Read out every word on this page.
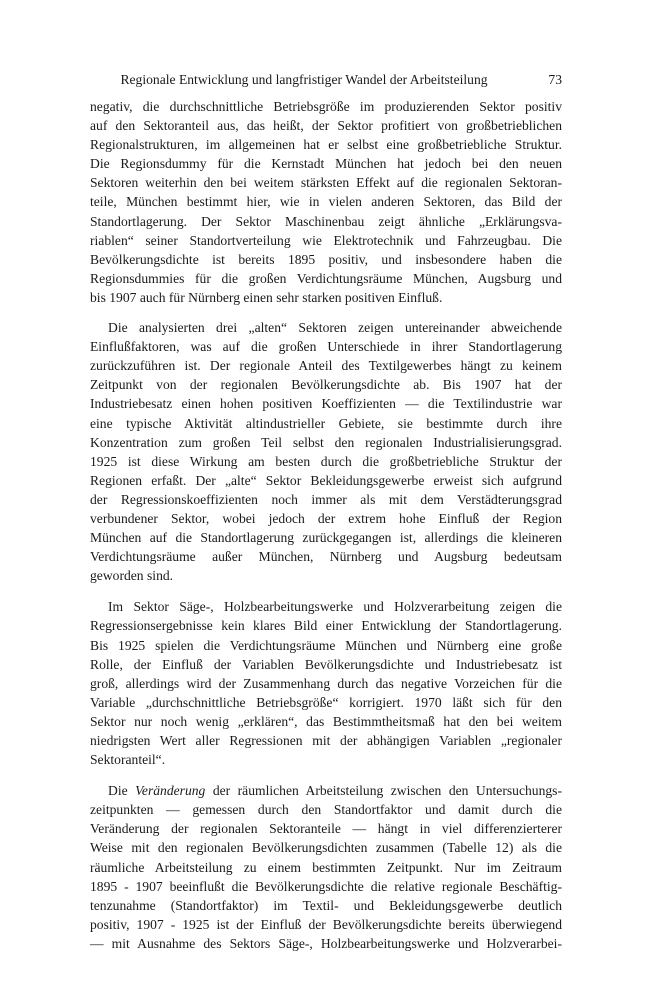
Regionale Entwicklung und langfristiger Wandel der Arbeitsteilung	73
negativ, die durchschnittliche Betriebsgröße im produzierenden Sektor positiv
auf den Sektoranteil aus, das heißt, der Sektor profitiert von großbetrieblichen
Regionalstrukturen, im allgemeinen hat er selbst eine großbetriebliche Struktur.
Die Regionsdummy für die Kernstadt München hat jedoch bei den neuen
Sektoren weiterhin den bei weitem stärksten Effekt auf die regionalen Sektoran-
teile, München bestimmt hier, wie in vielen anderen Sektoren, das Bild der
Standortlagerung. Der Sektor Maschinenbau zeigt ähnliche „Erklärungsva-
riablen“ seiner Standortverteilung wie Elektrotechnik und Fahrzeugbau. Die
Bevölkerungsdichte ist bereits 1895 positiv, und insbesondere haben die
Regionsdummies für die großen Verdichtungsräume München, Augsburg und
bis 1907 auch für Nürnberg einen sehr starken positiven Einfluß.
Die analysierten drei „alten“ Sektoren zeigen untereinander abweichende
Einflußfaktoren, was auf die großen Unterschiede in ihrer Standortlagerung
zurückzuführen ist. Der regionale Anteil des Textilgewerbes hängt zu keinem
Zeitpunkt von der regionalen Bevölkerungsdichte ab. Bis 1907 hat der
Industriebesatz einen hohen positiven Koeffizienten — die Textilindustrie war
eine typische Aktivität altindustrieller Gebiete, sie bestimmte durch ihre
Konzentration zum großen Teil selbst den regionalen Industrialisierungsgrad.
1925 ist diese Wirkung am besten durch die großbetriebliche Struktur der
Regionen erfaßt. Der „alte“ Sektor Bekleidungsgewerbe erweist sich aufgrund
der Regressionskoeffizienten noch immer als mit dem Verstädterungsgrad
verbundener Sektor, wobei jedoch der extrem hohe Einfluß der Region
München auf die Standortlagerung zurückgegangen ist, allerdings die kleineren
Verdichtungsräume außer München, Nürnberg und Augsburg bedeutsam
geworden sind.
Im Sektor Säge-, Holzbearbeitungswerke und Holzverarbeitung zeigen die
Regressionsergebnisse kein klares Bild einer Entwicklung der Standortlagerung.
Bis 1925 spielen die Verdichtungsräume München und Nürnberg eine große
Rolle, der Einfluß der Variablen Bevölkerungsdichte und Industriebesatz ist
groß, allerdings wird der Zusammenhang durch das negative Vorzeichen für die
Variable „durchschnittliche Betriebsgröße“ korrigiert. 1970 läßt sich für den
Sektor nur noch wenig „erklären“, das Bestimmtheitsmaß hat den bei weitem
niedrigsten Wert aller Regressionen mit der abhängigen Variablen „regionaler
Sektoranteil“.
Die Veränderung der räumlichen Arbeitsteilung zwischen den Untersuchungs-
zeitpunkten — gemessen durch den Standortfaktor und damit durch die
Veränderung der regionalen Sektoranteile — hängt in viel differenzierterer
Weise mit den regionalen Bevölkerungsdichten zusammen (Tabelle 12) als die
räumliche Arbeitsteilung zu einem bestimmten Zeitpunkt. Nur im Zeitraum
1895 - 1907 beeinflußt die Bevölkerungsdichte die relative regionale Beschäftig-
tenzunahme (Standortfaktor) im Textil- und Bekleidungsgewerbe deutlich
positiv, 1907 - 1925 ist der Einfluß der Bevölkerungsdichte bereits überwiegend
— mit Ausnahme des Sektors Säge-, Holzbearbeitungswerke und Holzverarbei-
